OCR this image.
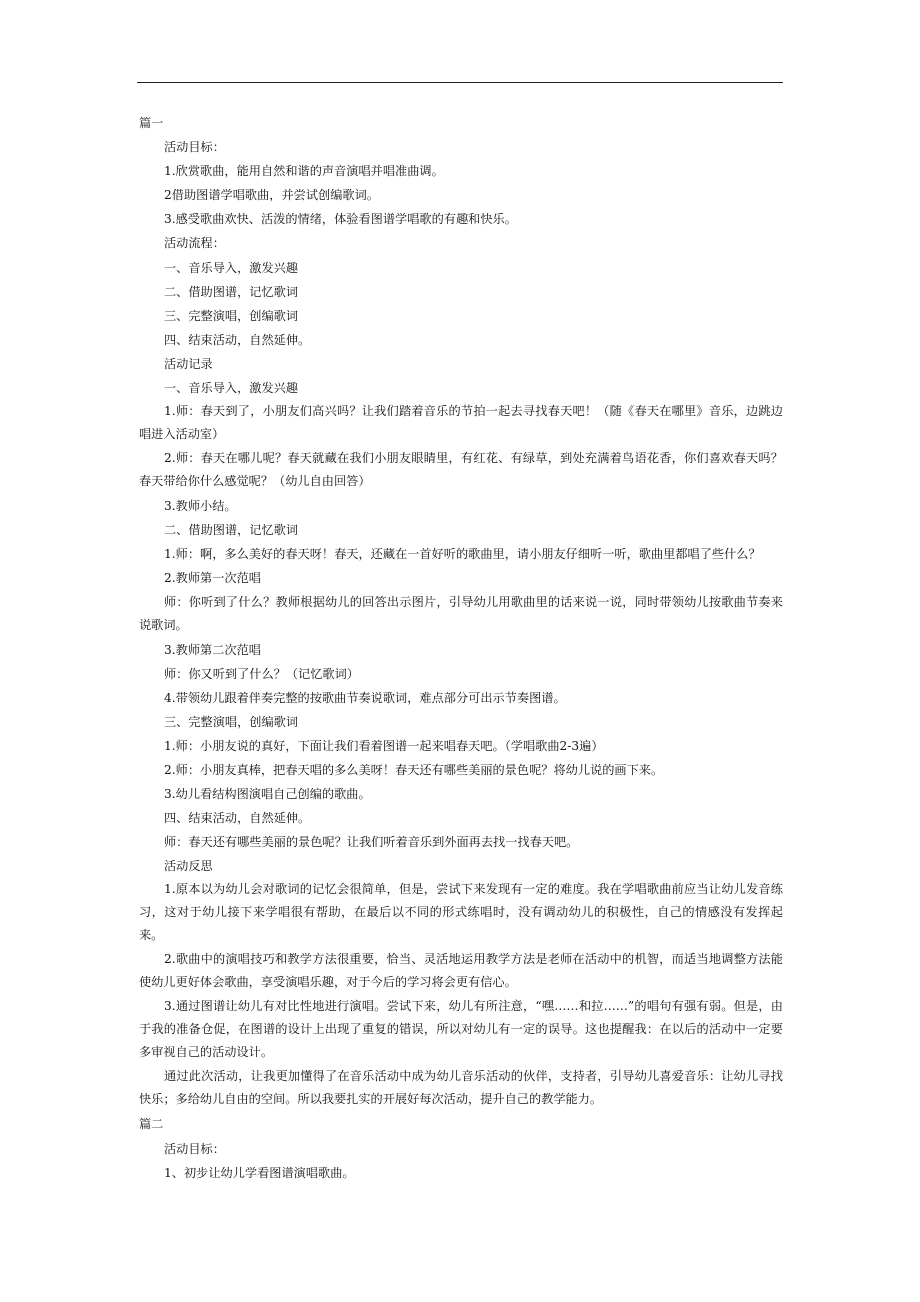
篇一
活动目标：
1.欣赏歌曲，能用自然和谐的声音演唱并唱准曲调。
2借助图谱学唱歌曲，并尝试创编歌词。
3.感受歌曲欢快、活泼的情绪，体验看图谱学唱歌的有趣和快乐。
活动流程：
一、音乐导入，激发兴趣
二、借助图谱，记忆歌词
三、完整演唱，创编歌词
四、结束活动，自然延伸。
活动记录
一、音乐导入，激发兴趣
1.师：春天到了，小朋友们高兴吗？让我们踏着音乐的节拍一起去寻找春天吧！（随《春天在哪里》音乐，边跳边唱进入活动室）
2.师：春天在哪儿呢？春天就藏在我们小朋友眼睛里，有红花、有绿草，到处充满着鸟语花香，你们喜欢春天吗？春天带给你什么感觉呢？（幼儿自由回答）
3.教师小结。
二、借助图谱，记忆歌词
1.师：啊，多么美好的春天呀！春天，还藏在一首好听的歌曲里，请小朋友仔细听一听，歌曲里都唱了些什么？
2.教师第一次范唱
师：你听到了什么？教师根据幼儿的回答出示图片，引导幼儿用歌曲里的话来说一说，同时带领幼儿按歌曲节奏来说歌词。
3.教师第二次范唱
师：你又听到了什么？（记忆歌词）
4.带领幼儿跟着伴奏完整的按歌曲节奏说歌词，难点部分可出示节奏图谱。
三、完整演唱，创编歌词
1.师：小朋友说的真好，下面让我们看着图谱一起来唱春天吧。（学唱歌曲2-3遍）
2.师：小朋友真棒，把春天唱的多么美呀！春天还有哪些美丽的景色呢？将幼儿说的画下来。
3.幼儿看结构图演唱自己创编的歌曲。
四、结束活动，自然延伸。
师：春天还有哪些美丽的景色呢？让我们听着音乐到外面再去找一找春天吧。
活动反思
1.原本以为幼儿会对歌词的记忆会很简单，但是，尝试下来发现有一定的难度。我在学唱歌曲前应当让幼儿发音练习，这对于幼儿接下来学唱很有帮助，在最后以不同的形式练唱时，没有调动幼儿的积极性，自己的情感没有发挥起来。
2.歌曲中的演唱技巧和教学方法很重要，恰当、灵活地运用教学方法是老师在活动中的机智，而适当地调整方法能使幼儿更好体会歌曲，享受演唱乐趣，对于今后的学习将会更有信心。
3.通过图谱让幼儿有对比性地进行演唱。尝试下来，幼儿有所注意，“嘿……和拉……”的唱句有强有弱。但是，由于我的准备仓促，在图谱的设计上出现了重复的错误，所以对幼儿有一定的误导。这也提醒我：在以后的活动中一定要多审视自己的活动设计。
通过此次活动，让我更加懂得了在音乐活动中成为幼儿音乐活动的伙伴，支持者，引导幼儿喜爱音乐：让幼儿寻找快乐；多给幼儿自由的空间。所以我要扎实的开展好每次活动，提升自己的教学能力。
篇二
活动目标：
1、初步让幼儿学看图谱演唱歌曲。
